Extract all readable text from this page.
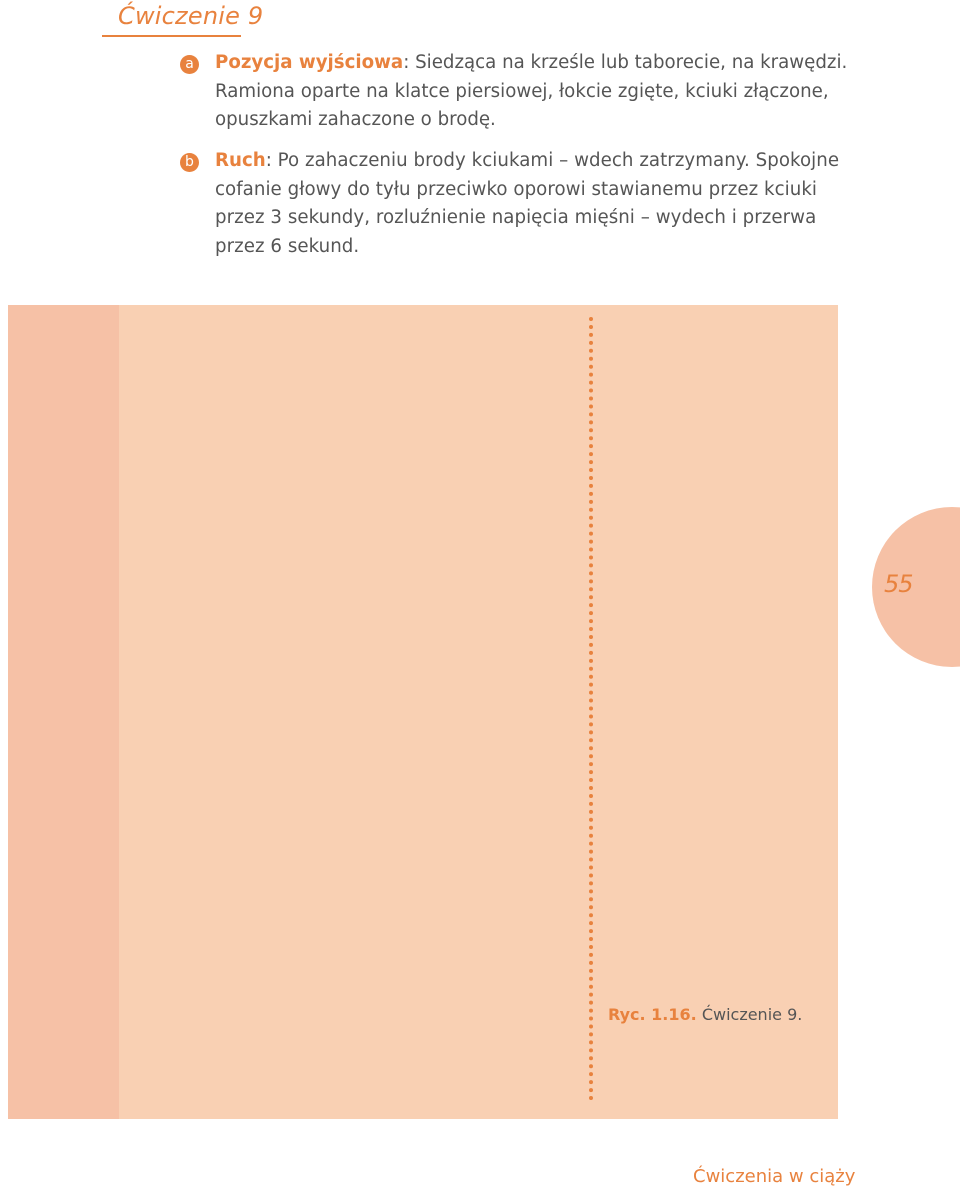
Ćwiczenie 9
a Pozycja wyjściowa: Siedząca na krześle lub taborecie, na krawędzi. Ramiona oparte na klatce piersiowej, łokcie zgięte, kciuki złączone, opuszkami zahaczone o brodę.
b Ruch: Po zahaczeniu brody kciukami – wdech zatrzymany. Spokojne cofanie głowy do tyłu przeciwko oporowi stawianemu przez kciuki przez 3 sekundy, rozluźnienie napięcia mięśni – wydech i przerwa przez 6 sekund.
Ryc. 1.16. Ćwiczenie 9.
55
Ćwiczenia w ciąży
